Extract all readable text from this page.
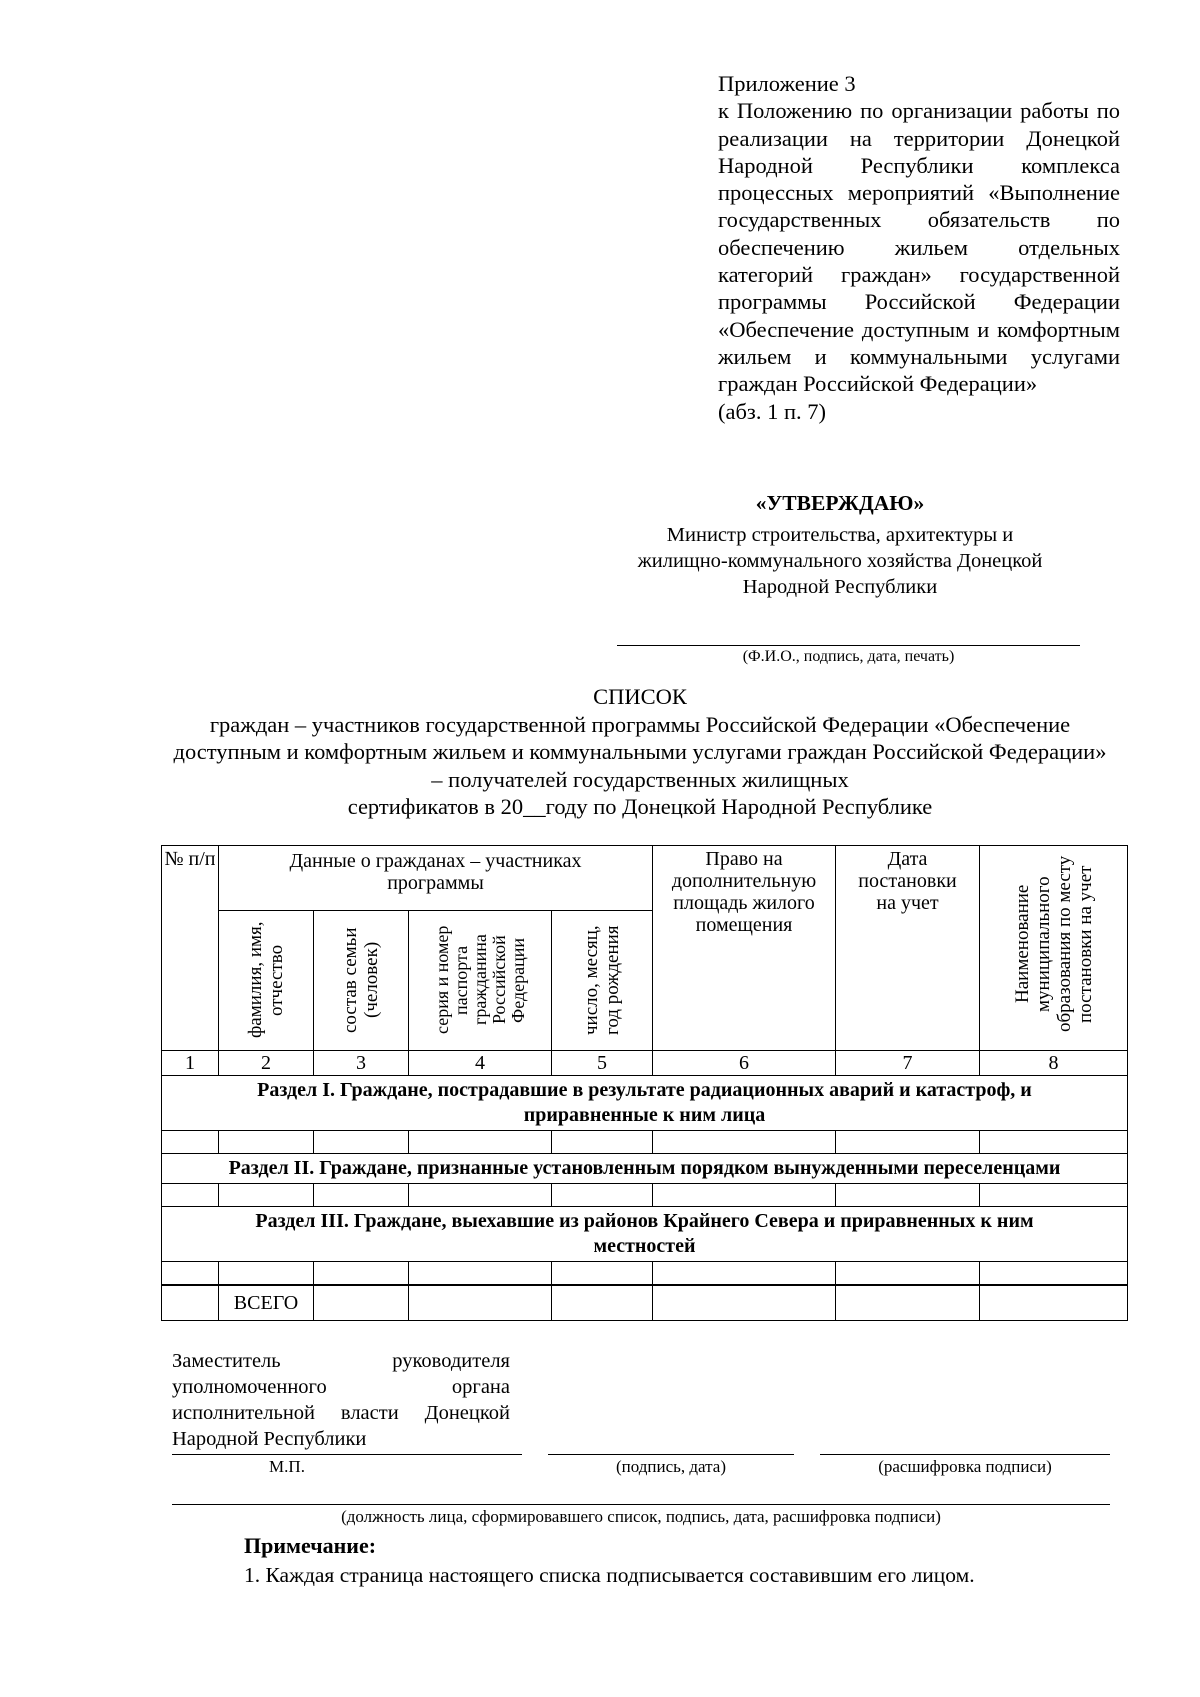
Приложение 3
к Положению по организации работы по реализации на территории Донецкой Народной Республики комплекса процессных мероприятий «Выполнение государственных обязательств по обеспечению жильем отдельных категорий граждан» государственной программы Российской Федерации «Обеспечение доступным и комфортным жильем и коммунальными услугами граждан Российской Федерации»
(абз. 1 п. 7)
«УТВЕРЖДАЮ»
Министр строительства, архитектуры и жилищно-коммунального хозяйства Донецкой Народной Республики
(Ф.И.О., подпись, дата, печать)
СПИСОК
граждан – участников государственной программы Российской Федерации «Обеспечение доступным и комфортным жильем и коммунальными услугами граждан Российской Федерации» – получателей государственных жилищных
сертификатов в 20__году по Донецкой Народной Республике
№ п/п	Данные о гражданах – участниках программы				Право на дополнительную площадь жилого помещения	Дата постановки на учет	Наименование муниципального образования по месту постановки на учет

	фамилия, имя, отчество	состав семьи (человек)	серия и номер паспорта гражданина Российской Федерации	число, месяц, год рождения			

1	2	3	4	5	6	7	8
Раздел I. Граждане, пострадавшие в результате радиационных аварий и катастроф, и приравненные к ним лица							

Раздел II. Граждане, признанные установленным порядком вынужденными переселенцами							

Раздел III. Граждане, выехавшие из районов Крайнего Севера и приравненных к ним местностей							

	ВСЕГО						
Заместитель руководителя уполномоченного органа исполнительной власти Донецкой Народной Республики
М.П.	(подпись, дата)	(расшифровка подписи)
(должность лица, сформировавшего список, подпись, дата, расшифровка подписи)
Примечание:
1. Каждая страница настоящего списка подписывается составившим его лицом.
